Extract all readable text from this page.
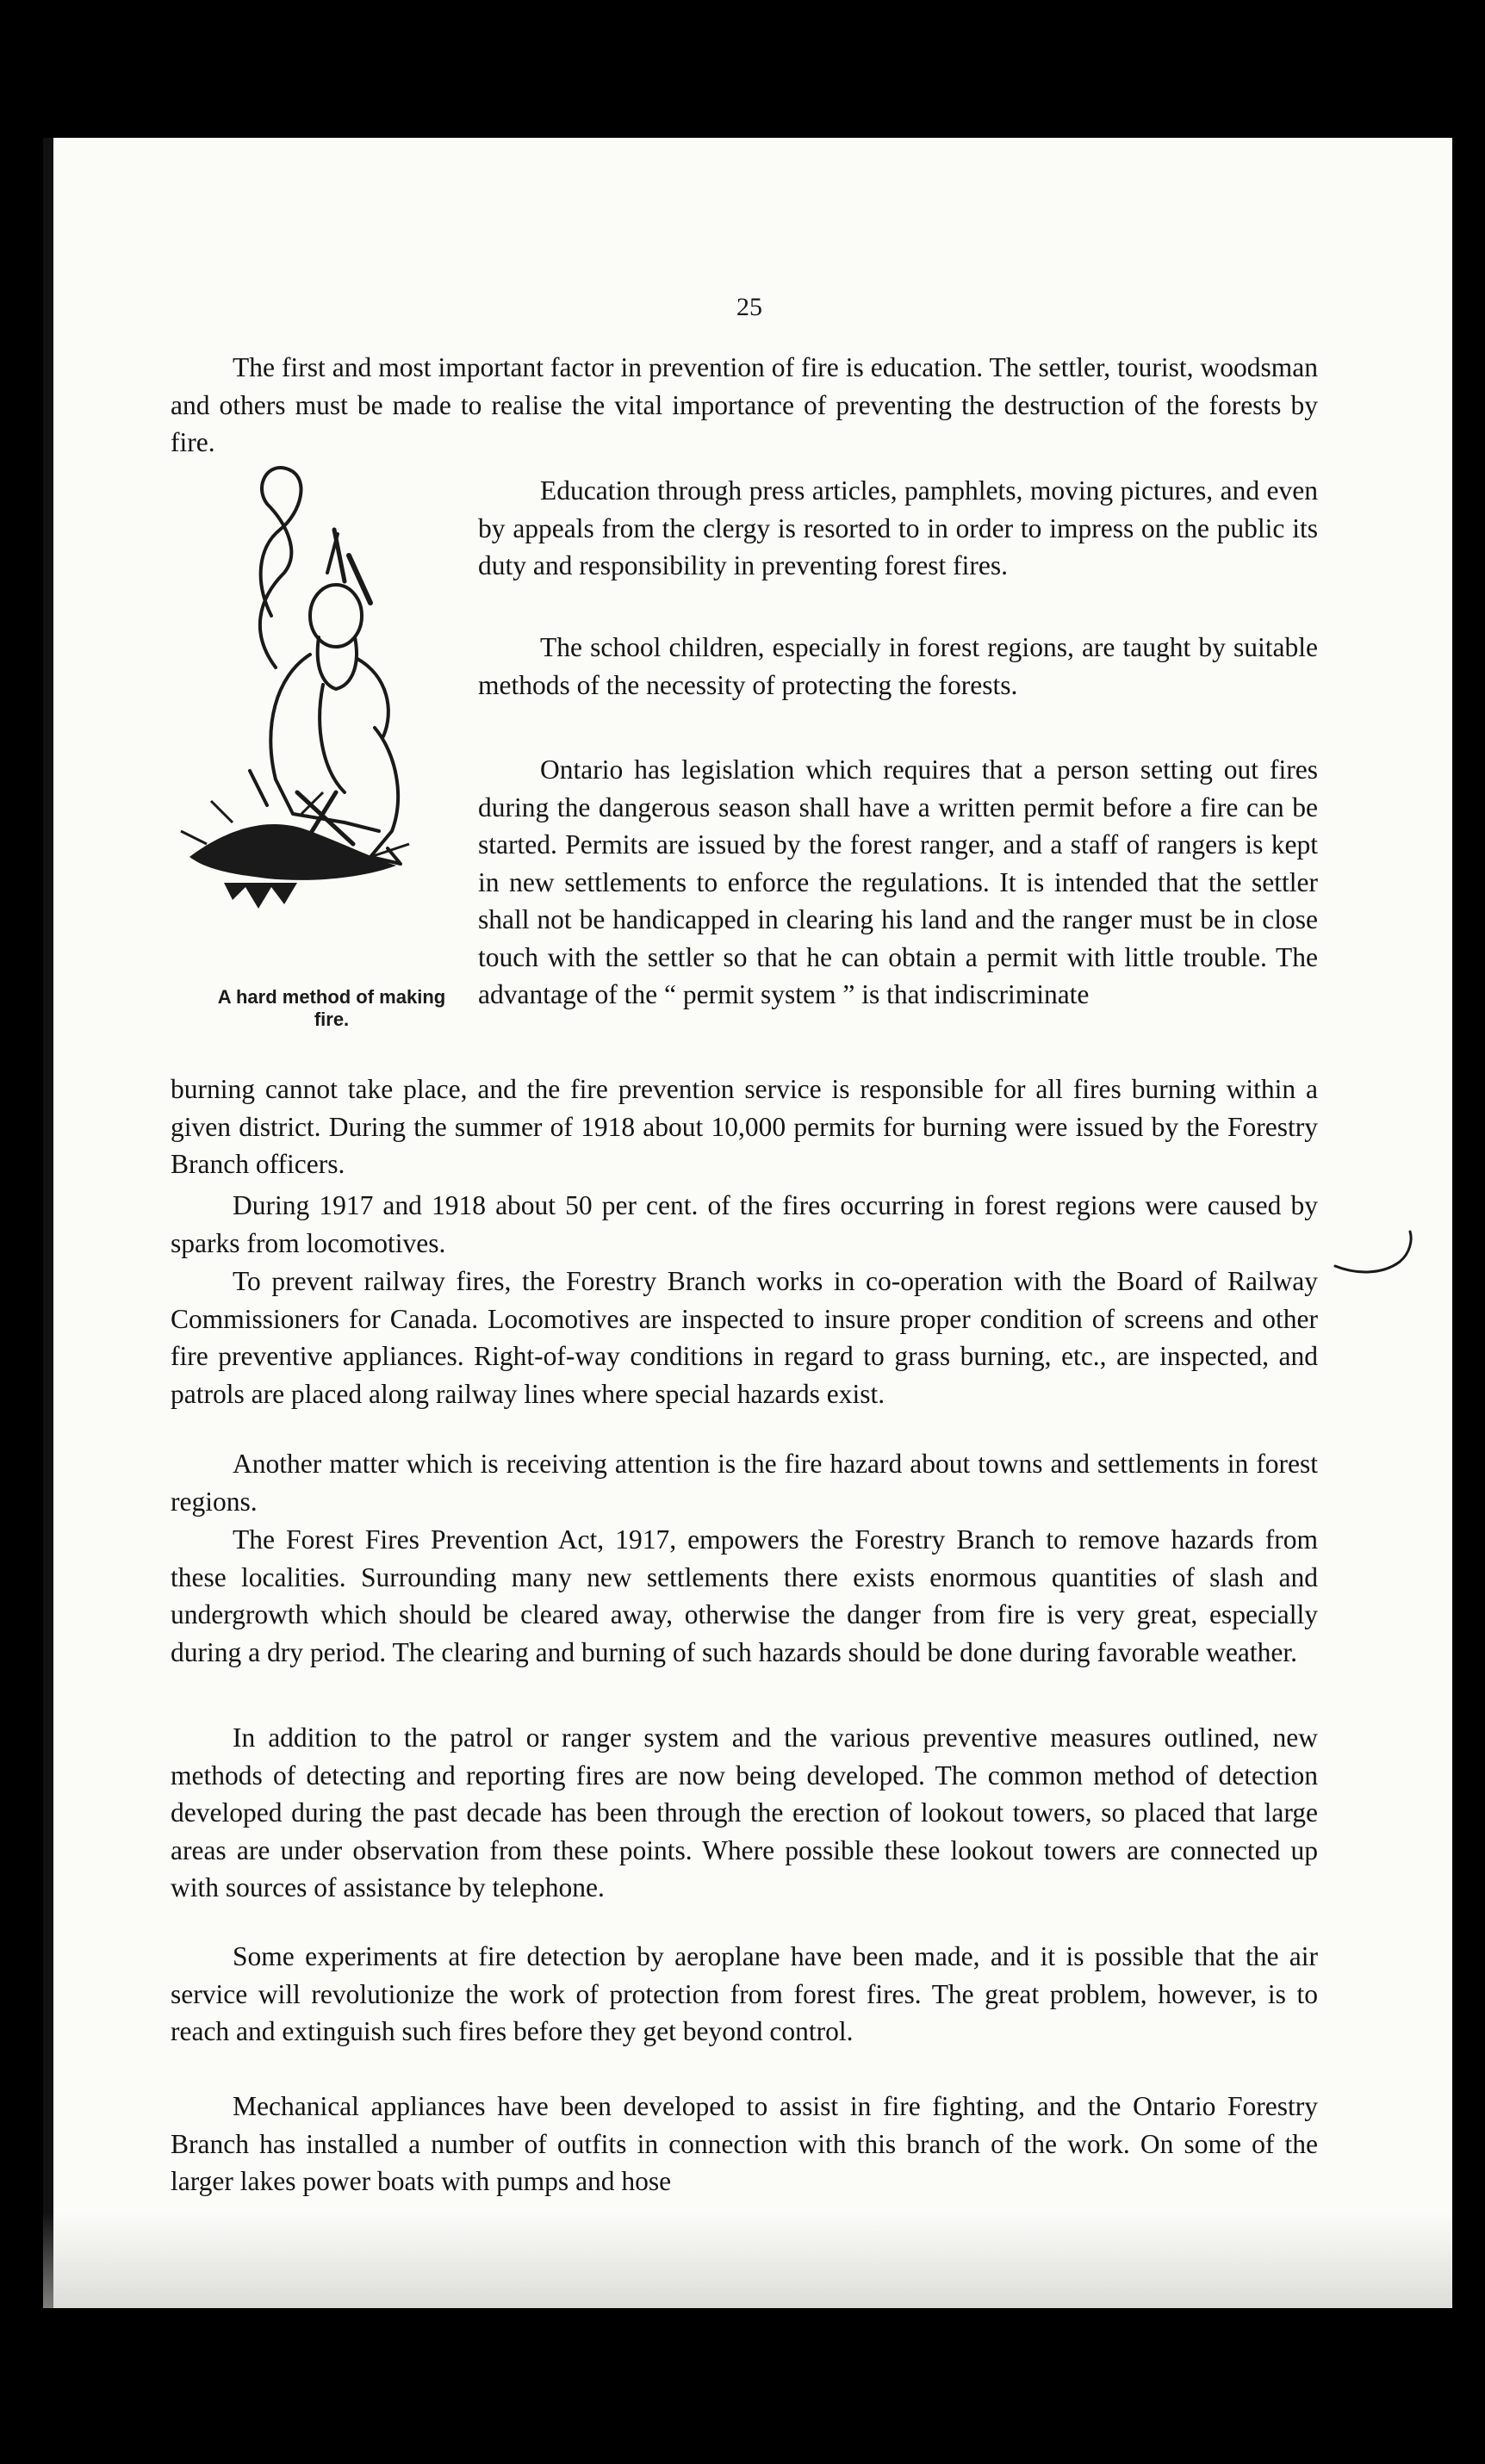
25

The first and most important factor in prevention of fire is education. The settler, tourist, woodsman and others must be made to realise the vital importance of preventing the destruction of the forests by fire.

Education through press articles, pamphlets, moving pictures, and even by appeals from the clergy is resorted to in order to impress on the public its duty and responsibility in preventing forest fires.

The school children, especially in forest regions, are taught by suitable methods of the necessity of protecting the forests.

Ontario has legislation which requires that a person setting out fires during the dangerous season shall have a written permit before a fire can be started. Permits are issued by the forest ranger, and a staff of rangers is kept in new settlements to enforce the regulations. It is intended that the settler shall not be handicapped in clearing his land and the ranger must be in close touch with the settler so that he can obtain a permit with little trouble. The advantage of the “ permit system ” is that indiscriminate

burning cannot take place, and the fire prevention service is responsible for all fires burning within a given district. During the summer of 1918 about 10,000 permits for burning were issued by the Forestry Branch officers.

During 1917 and 1918 about 50 per cent. of the fires occurring in forest regions were caused by sparks from locomotives.

To prevent railway fires, the Forestry Branch works in co-operation with the Board of Railway Commissioners for Canada. Locomotives are inspected to insure proper condition of screens and other fire preventive appliances. Right-of-way conditions in regard to grass burning, etc., are inspected, and patrols are placed along railway lines where special hazards exist.

Another matter which is receiving attention is the fire hazard about towns and settlements in forest regions.

The Forest Fires Prevention Act, 1917, empowers the Forestry Branch to remove hazards from these localities. Surrounding many new settlements there exists enormous quantities of slash and undergrowth which should be cleared away, otherwise the danger from fire is very great, especially during a dry period. The clearing and burning of such hazards should be done during favorable weather.

In addition to the patrol or ranger system and the various preventive measures outlined, new methods of detecting and reporting fires are now being developed. The common method of detection developed during the past decade has been through the erection of lookout towers, so placed that large areas are under observation from these points. Where possible these lookout towers are connected up with sources of assistance by telephone.

Some experiments at fire detection by aeroplane have been made, and it is possible that the air service will revolutionize the work of protection from forest fires. The great problem, however, is to reach and extinguish such fires before they get beyond control.

Mechanical appliances have been developed to assist in fire fighting, and the Ontario Forestry Branch has installed a number of outfits in connection with this branch of the work. On some of the larger lakes power boats with pumps and hose

A hard method of making fire.
